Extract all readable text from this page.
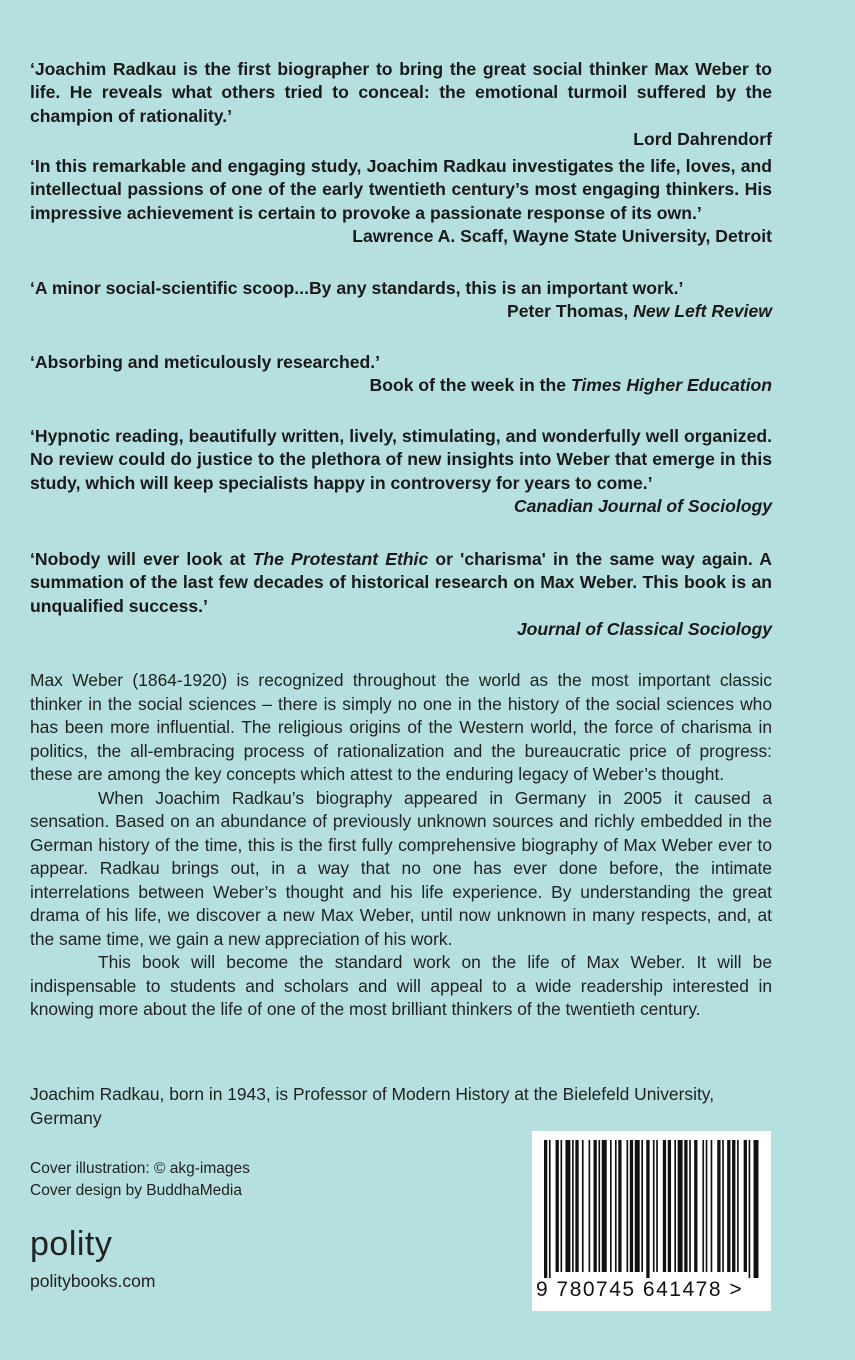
‘Joachim Radkau is the first biographer to bring the great social thinker Max Weber to life. He reveals what others tried to conceal: the emotional turmoil suffered by the champion of rationality.’
Lord Dahrendorf
‘In this remarkable and engaging study, Joachim Radkau investigates the life, loves, and intellectual passions of one of the early twentieth century’s most engaging thinkers. His impressive achievement is certain to provoke a passionate response of its own.’
Lawrence A. Scaff, Wayne State University, Detroit
‘A minor social-scientific scoop...By any standards, this is an important work.’
Peter Thomas, New Left Review
‘Absorbing and meticulously researched.’
Book of the week in the Times Higher Education
‘Hypnotic reading, beautifully written, lively, stimulating, and wonderfully well organized. No review could do justice to the plethora of new insights into Weber that emerge in this study, which will keep specialists happy in controversy for years to come.’
Canadian Journal of Sociology
‘Nobody will ever look at The Protestant Ethic or 'charisma' in the same way again. A summation of the last few decades of historical research on Max Weber. This book is an unqualified success.’
Journal of Classical Sociology

Max Weber (1864-1920) is recognized throughout the world as the most important classic thinker in the social sciences – there is simply no one in the history of the social sciences who has been more influential. The religious origins of the Western world, the force of charisma in politics, the all-embracing process of rationalization and the bureaucratic price of progress: these are among the key concepts which attest to the enduring legacy of Weber’s thought.

When Joachim Radkau’s biography appeared in Germany in 2005 it caused a sensation. Based on an abundance of previously unknown sources and richly embedded in the German history of the time, this is the first fully comprehensive biography of Max Weber ever to appear. Radkau brings out, in a way that no one has ever done before, the intimate interrelations between Weber’s thought and his life experience. By understanding the great drama of his life, we discover a new Max Weber, until now unknown in many respects, and, at the same time, we gain a new appreciation of his work.

This book will become the standard work on the life of Max Weber. It will be indispensable to students and scholars and will appeal to a wide readership interested in knowing more about the life of one of the most brilliant thinkers of the twentieth century.

Joachim Radkau, born in 1943, is Professor of Modern History at the Bielefeld University, Germany
Cover illustration: © akg-images
Cover design by BuddhaMedia
polity
politybooks.com	9 780745 641478 >
